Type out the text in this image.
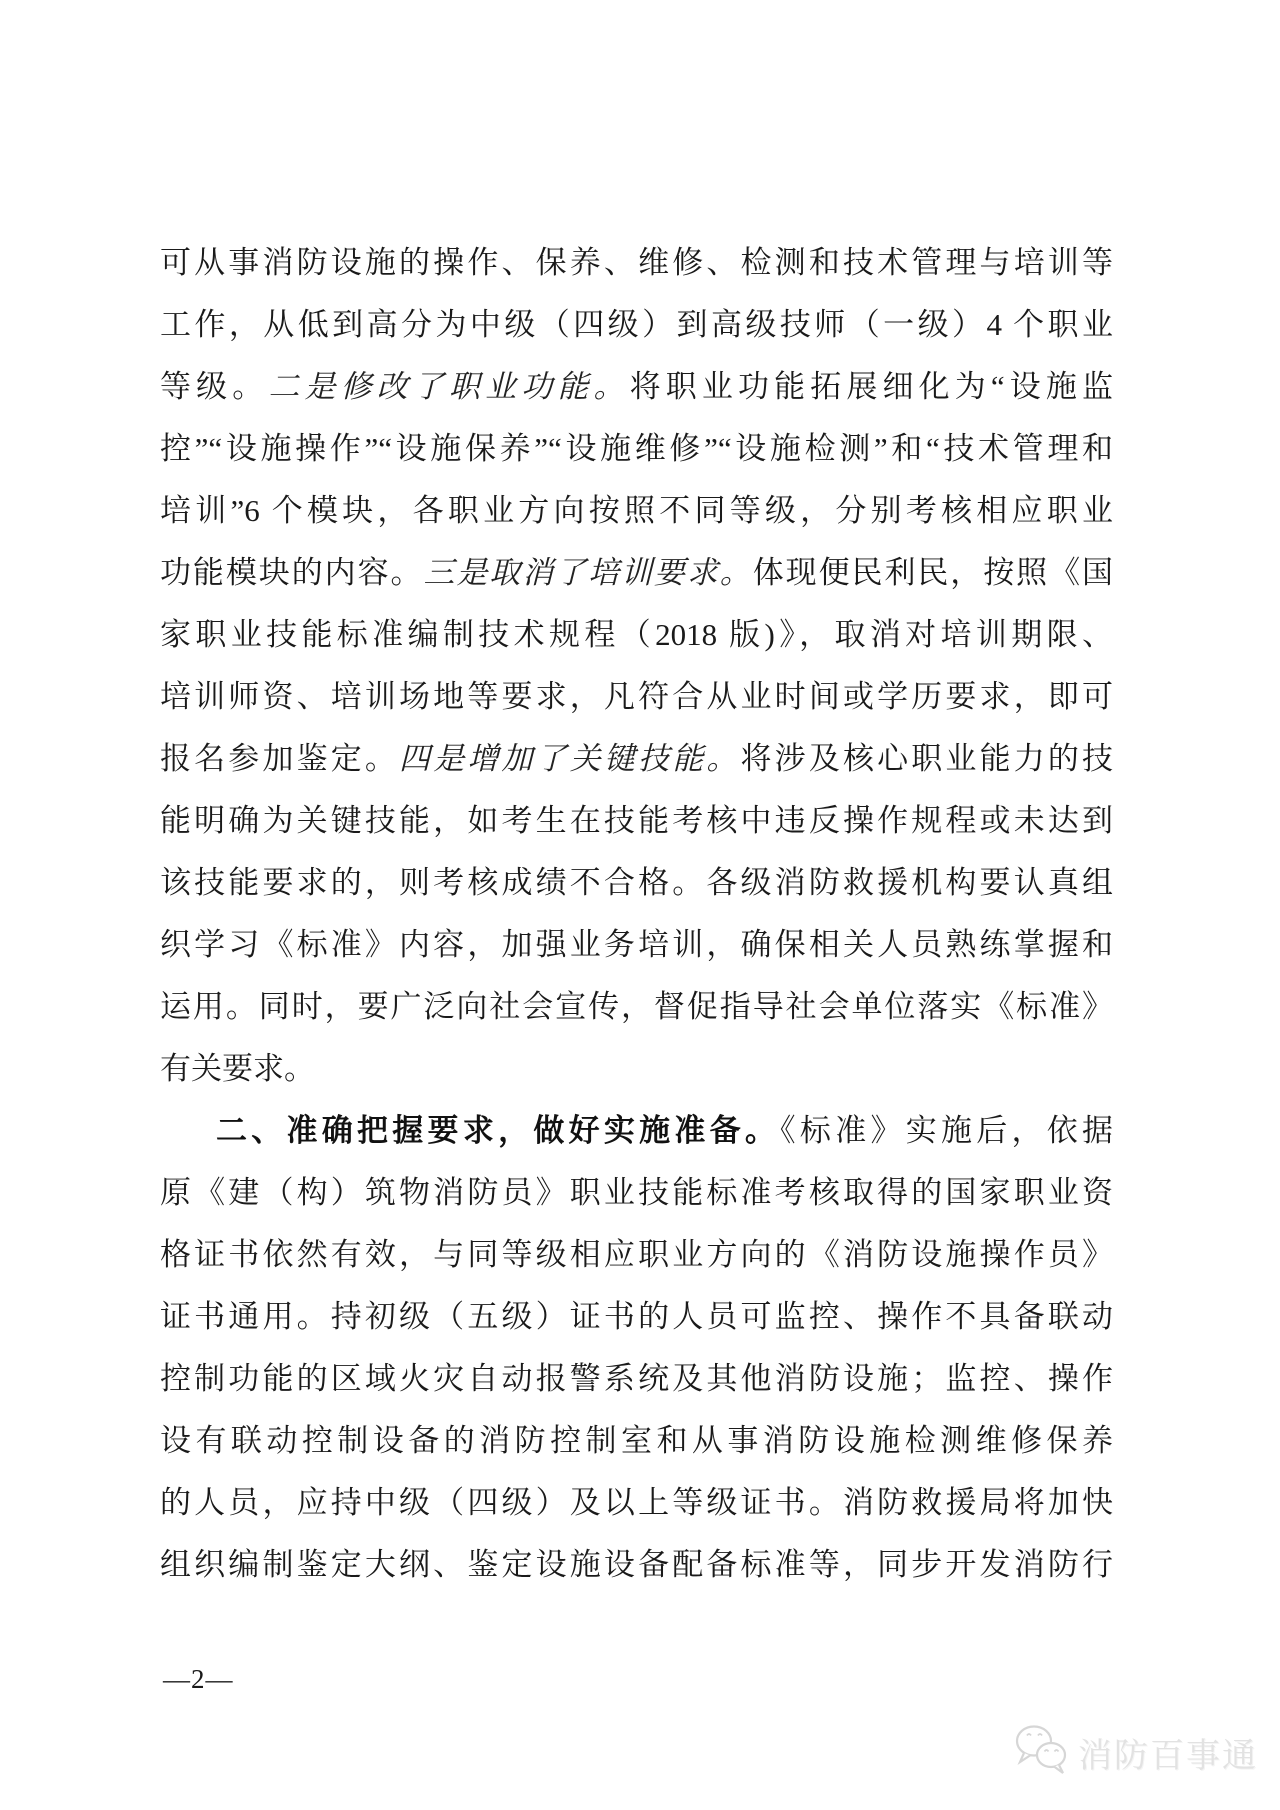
可从事消防设施的操作、保养、维修、检测和技术管理与培训等
工作，从低到高分为中级（四级）到高级技师（一级）4 个职业
等级。二是修改了职业功能。将职业功能拓展细化为“设施监
控”“设施操作”“设施保养”“设施维修”“设施检测”和“技术管理和
培训”6 个模块，各职业方向按照不同等级，分别考核相应职业
功能模块的内容。三是取消了培训要求。体现便民利民，按照《国
家职业技能标准编制技术规程（2018 版)》，取消对培训期限、
培训师资、培训场地等要求，凡符合从业时间或学历要求，即可
报名参加鉴定。四是增加了关键技能。将涉及核心职业能力的技
能明确为关键技能，如考生在技能考核中违反操作规程或未达到
该技能要求的，则考核成绩不合格。各级消防救援机构要认真组
织学习《标准》内容，加强业务培训，确保相关人员熟练掌握和
运用。同时，要广泛向社会宣传，督促指导社会单位落实《标准》
有关要求。
二、准确把握要求，做好实施准备。《标准》实施后，依据
原《建（构）筑物消防员》职业技能标准考核取得的国家职业资
格证书依然有效，与同等级相应职业方向的《消防设施操作员》
证书通用。持初级（五级）证书的人员可监控、操作不具备联动
控制功能的区域火灾自动报警系统及其他消防设施；监控、操作
设有联动控制设备的消防控制室和从事消防设施检测维修保养
的人员，应持中级（四级）及以上等级证书。消防救援局将加快
组织编制鉴定大纲、鉴定设施设备配备标准等，同步开发消防行
—2—
消防百事通
